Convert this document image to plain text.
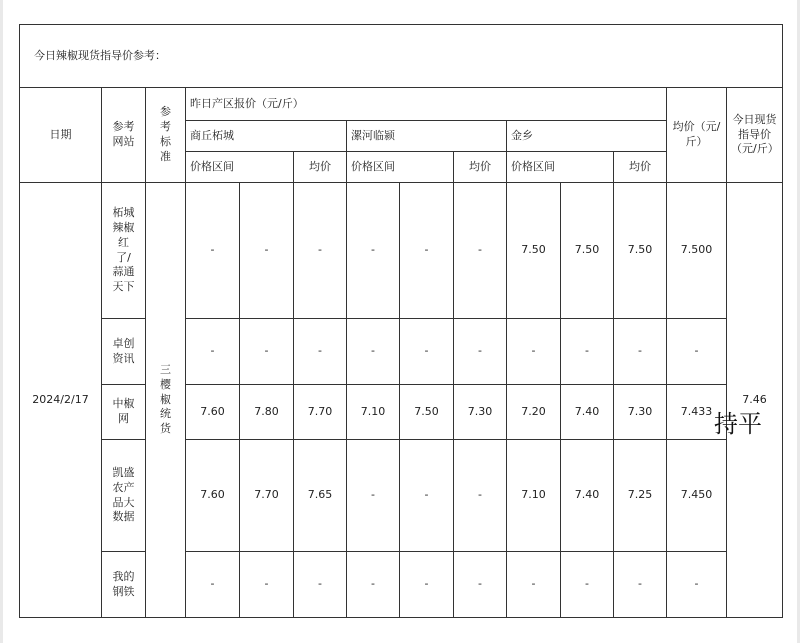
今日辣椒现货指导价参考：													
日期	参考网站	参考标准	昨日产区报价（元/斤）									均价（元/斤）	今日现货指导价（元/斤）
			商丘柘城			漯河临颍			金乡				
			价格区间		均价	价格区间		均价	价格区间		均价		
2024/2/17	柘城辣椒红了/蒜通天下	三樱椒统货	-	-	-	-	-	-	7.50	7.50	7.50	7.500	7.46
	卓创资讯		-	-	-	-	-	-	-	-	-	-	
	中椒网		7.60	7.80	7.70	7.10	7.50	7.30	7.20	7.40	7.30	7.433	
	凯盛农产品大数据		7.60	7.70	7.65	-	-	-	7.10	7.40	7.25	7.450	
	我的钢铁		-	-	-	-	-	-	-	-	-	-	
持平
